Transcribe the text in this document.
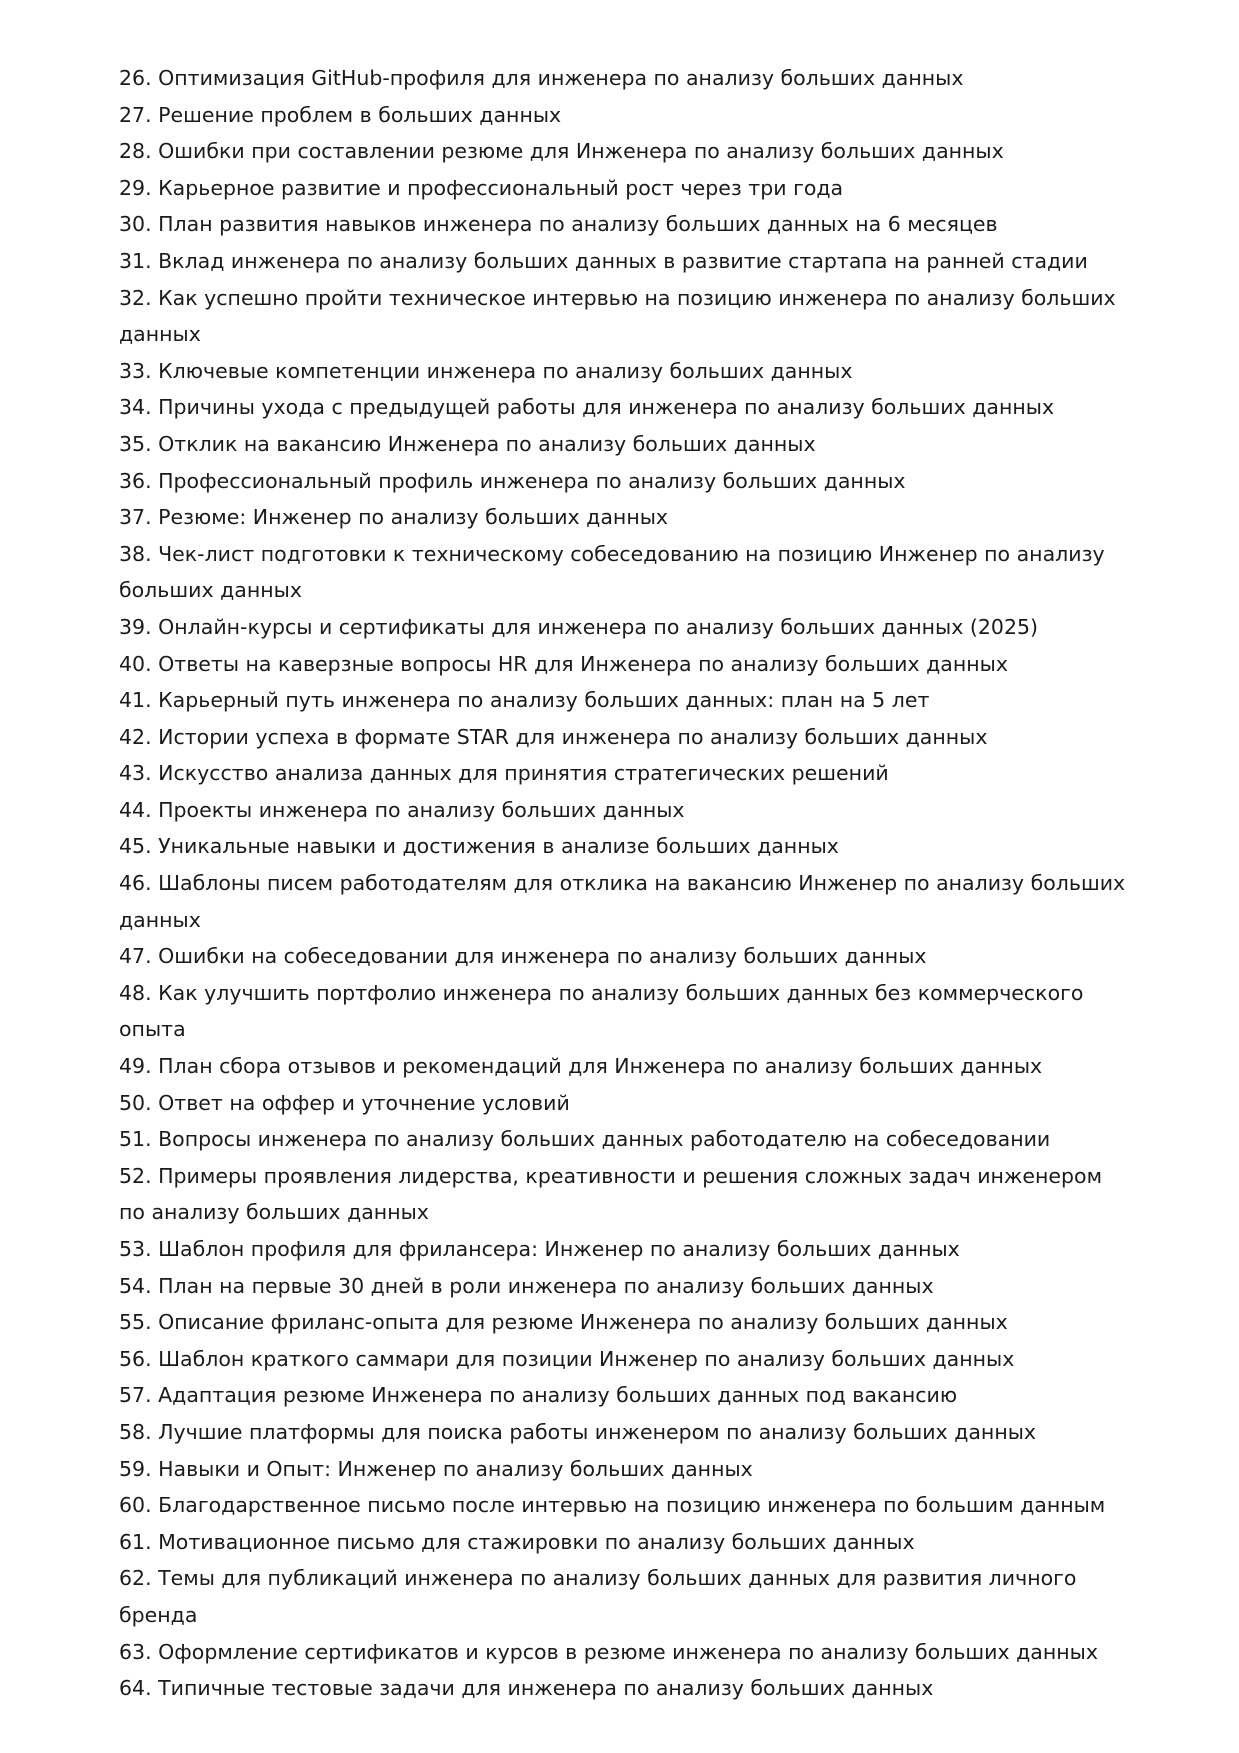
26. Оптимизация GitHub-профиля для инженера по анализу больших данных
27. Решение проблем в больших данных
28. Ошибки при составлении резюме для Инженера по анализу больших данных
29. Карьерное развитие и профессиональный рост через три года
30. План развития навыков инженера по анализу больших данных на 6 месяцев
31. Вклад инженера по анализу больших данных в развитие стартапа на ранней стадии
32. Как успешно пройти техническое интервью на позицию инженера по анализу больших данных
33. Ключевые компетенции инженера по анализу больших данных
34. Причины ухода с предыдущей работы для инженера по анализу больших данных
35. Отклик на вакансию Инженера по анализу больших данных
36. Профессиональный профиль инженера по анализу больших данных
37. Резюме: Инженер по анализу больших данных
38. Чек-лист подготовки к техническому собеседованию на позицию Инженер по анализу больших данных
39. Онлайн-курсы и сертификаты для инженера по анализу больших данных (2025)
40. Ответы на каверзные вопросы HR для Инженера по анализу больших данных
41. Карьерный путь инженера по анализу больших данных: план на 5 лет
42. Истории успеха в формате STAR для инженера по анализу больших данных
43. Искусство анализа данных для принятия стратегических решений
44. Проекты инженера по анализу больших данных
45. Уникальные навыки и достижения в анализе больших данных
46. Шаблоны писем работодателям для отклика на вакансию Инженер по анализу больших данных
47. Ошибки на собеседовании для инженера по анализу больших данных
48. Как улучшить портфолио инженера по анализу больших данных без коммерческого опыта
49. План сбора отзывов и рекомендаций для Инженера по анализу больших данных
50. Ответ на оффер и уточнение условий
51. Вопросы инженера по анализу больших данных работодателю на собеседовании
52. Примеры проявления лидерства, креативности и решения сложных задач инженером по анализу больших данных
53. Шаблон профиля для фрилансера: Инженер по анализу больших данных
54. План на первые 30 дней в роли инженера по анализу больших данных
55. Описание фриланс-опыта для резюме Инженера по анализу больших данных
56. Шаблон краткого саммари для позиции Инженер по анализу больших данных
57. Адаптация резюме Инженера по анализу больших данных под вакансию
58. Лучшие платформы для поиска работы инженером по анализу больших данных
59. Навыки и Опыт: Инженер по анализу больших данных
60. Благодарственное письмо после интервью на позицию инженера по большим данным
61. Мотивационное письмо для стажировки по анализу больших данных
62. Темы для публикаций инженера по анализу больших данных для развития личного бренда
63. Оформление сертификатов и курсов в резюме инженера по анализу больших данных
64. Типичные тестовые задачи для инженера по анализу больших данных
